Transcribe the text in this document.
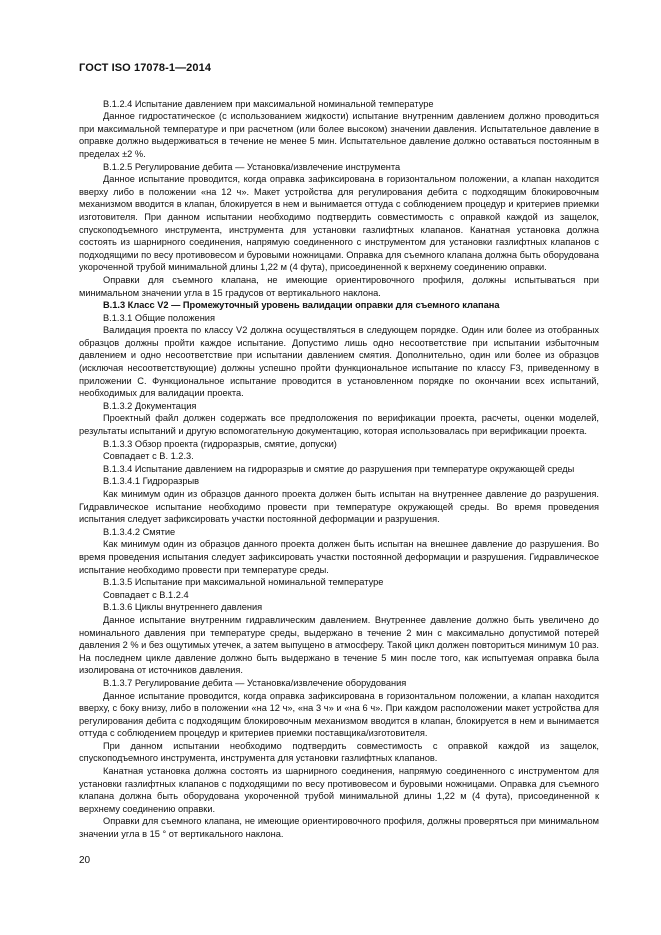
ГОСТ ISO 17078-1—2014
B.1.2.4 Испытание давлением при максимальной номинальной температуре
Данное гидростатическое (с использованием жидкости) испытание внутренним давлением должно проводиться при максимальной температуре и при расчетном (или более высоком) значении давления. Испытательное давление в оправке должно выдерживаться в течение не менее 5 мин. Испытательное давление должно оставаться постоянным в пределах ±2 %.
B.1.2.5 Регулирование дебита — Установка/извлечение инструмента
Данное испытание проводится, когда оправка зафиксирована в горизонтальном положении, а клапан находится вверху либо в положении «на 12 ч». Макет устройства для регулирования дебита с подходящим блокировочным механизмом вводится в клапан, блокируется в нем и вынимается оттуда с соблюдением процедур и критериев приемки изготовителя. При данном испытании необходимо подтвердить совместимость с оправкой каждой из защелок, спускоподъемного инструмента, инструмента для установки газлифтных клапанов. Канатная установка должна состоять из шарнирного соединения, напрямую соединенного с инструментом для установки газлифтных клапанов с подходящими по весу противовесом и буровыми ножницами. Оправка для съемного клапана должна быть оборудована укороченной трубой минимальной длины 1,22 м (4 фута), присоединенной к верхнему соединению оправки.
Оправки для съемного клапана, не имеющие ориентировочного профиля, должны испытываться при минимальном значении угла в 15 градусов от вертикального наклона.
B.1.3 Класс V2 — Промежуточный уровень валидации оправки для съемного клапана
B.1.3.1 Общие положения
Валидация проекта по классу V2 должна осуществляться в следующем порядке. Один или более из отобранных образцов должны пройти каждое испытание. Допустимо лишь одно несоответствие при испытании избыточным давлением и одно несоответствие при испытании давлением смятия. Дополнительно, один или более из образцов (исключая несоответствующие) должны успешно пройти функциональное испытание по классу F3, приведенному в приложении С. Функциональное испытание проводится в установленном порядке по окончании всех испытаний, необходимых для валидации проекта.
B.1.3.2 Документация
Проектный файл должен содержать все предположения по верификации проекта, расчеты, оценки моделей, результаты испытаний и другую вспомогательную документацию, которая использовалась при верификации проекта.
B.1.3.3 Обзор проекта (гидроразрыв, смятие, допуски)
Совпадает с B. 1.2.3.
B.1.3.4 Испытание давлением на гидроразрыв и смятие до разрушения при температуре окружающей среды
B.1.3.4.1 Гидроразрыв
Как минимум один из образцов данного проекта должен быть испытан на внутреннее давление до разрушения. Гидравлическое испытание необходимо провести при температуре окружающей среды. Во время проведения испытания следует зафиксировать участки постоянной деформации и разрушения.
B.1.3.4.2 Смятие
Как минимум один из образцов данного проекта должен быть испытан на внешнее давление до разрушения. Во время проведения испытания следует зафиксировать участки постоянной деформации и разрушения. Гидравлическое испытание необходимо провести при температуре среды.
B.1.3.5 Испытание при максимальной номинальной температуре
Совпадает с B.1.2.4
B.1.3.6 Циклы внутреннего давления
Данное испытание внутренним гидравлическим давлением. Внутреннее давление должно быть увеличено до номинального давления при температуре среды, выдержано в течение 2 мин с максимально допустимой потерей давления 2 % и без ощутимых утечек, а затем выпущено в атмосферу. Такой цикл должен повториться минимум 10 раз. На последнем цикле давление должно быть выдержано в течение 5 мин после того, как испытуемая оправка была изолирована от источников давления.
B.1.3.7 Регулирование дебита — Установка/извлечение оборудования
Данное испытание проводится, когда оправка зафиксирована в горизонтальном положении, а клапан находится вверху, с боку внизу, либо в положении «на 12 ч», «на 3 ч» и «на 6 ч». При каждом расположении макет устройства для регулирования дебита с подходящим блокировочным механизмом вводится в клапан, блокируется в нем и вынимается оттуда с соблюдением процедур и критериев приемки поставщика/изготовителя.
При данном испытании необходимо подтвердить совместимость с оправкой каждой из защелок, спускоподъемного инструмента, инструмента для установки газлифтных клапанов.
Канатная установка должна состоять из шарнирного соединения, напрямую соединенного с инструментом для установки газлифтных клапанов с подходящими по весу противовесом и буровыми ножницами. Оправка для съемного клапана должна быть оборудована укороченной трубой минимальной длины 1,22 м (4 фута), присоединенной к верхнему соединению оправки.
Оправки для съемного клапана, не имеющие ориентировочного профиля, должны проверяться при минимальном значении угла в 15 ° от вертикального наклона.
20
